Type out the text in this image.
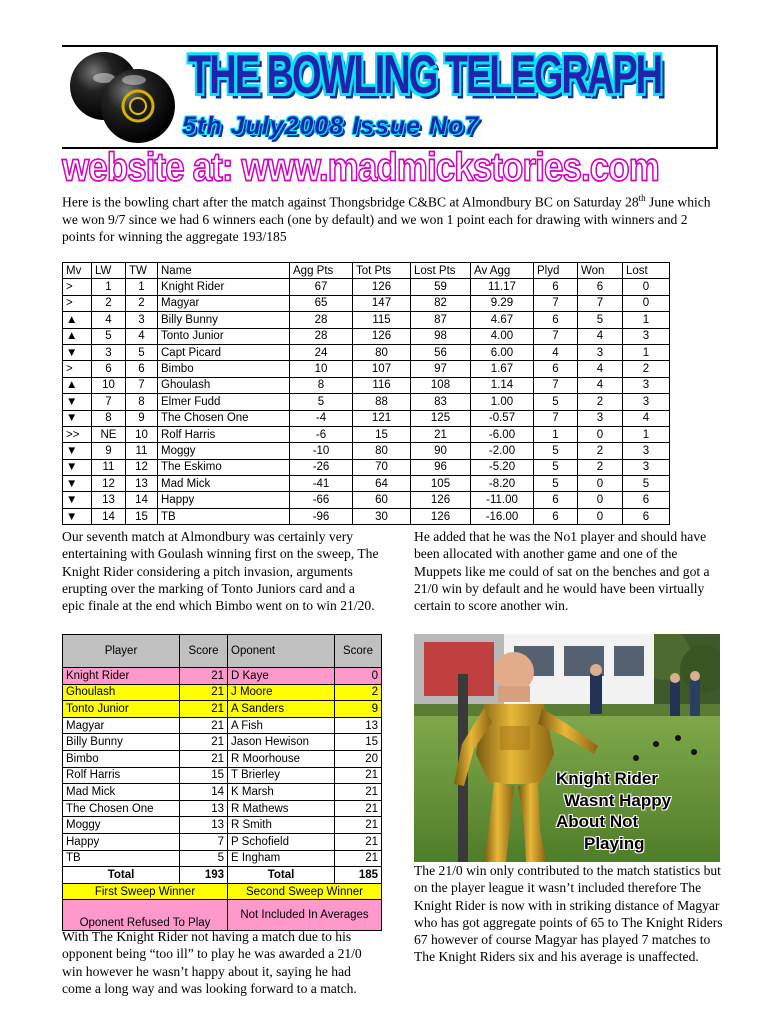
THE BOWLING TELEGRAPH
5th July2008 Issue No7
website at: www.madmickstories.com
Here is the bowling chart after the match against Thongsbridge C&BC at Almondbury BC on Saturday 28th June which we won 9/7 since we had 6 winners each (one by default) and we won 1 point each for drawing with winners and 2 points for winning the aggregate 193/185
Mv	LW	TW	Name	Agg Pts	Tot Pts	Lost Pts	Av Agg	Plyd	Won	Lost
>	1	1	Knight Rider	67	126	59	11.17	6	6	0
>	2	2	Magyar	65	147	82	9.29	7	7	0
▲	4	3	Billy Bunny	28	115	87	4.67	6	5	1
▲	5	4	Tonto Junior	28	126	98	4.00	7	4	3
▼	3	5	Capt Picard	24	80	56	6.00	4	3	1
>	6	6	Bimbo	10	107	97	1.67	6	4	2
▲	10	7	Ghoulash	8	116	108	1.14	7	4	3
▼	7	8	Elmer Fudd	5	88	83	1.00	5	2	3
▼	8	9	The Chosen One	-4	121	125	-0.57	7	3	4
>>	NE	10	Rolf Harris	-6	15	21	-6.00	1	0	1
▼	9	11	Moggy	-10	80	90	-2.00	5	2	3
▼	11	12	The Eskimo	-26	70	96	-5.20	5	2	3
▼	12	13	Mad Mick	-41	64	105	-8.20	5	0	5
▼	13	14	Happy	-66	60	126	-11.00	6	0	6
▼	14	15	TB	-96	30	126	-16.00	6	0	6
Our seventh match at Almondbury was certainly very entertaining with Goulash winning first on the sweep, The Knight Rider considering a pitch invasion, arguments erupting over the marking of Tonto Juniors card and a epic finale at the end which Bimbo went on to win 21/20.
He added that he was the No1 player and should have been allocated with another game and one of the Muppets like me could of sat on the benches and got a 21/0 win by default and he would have been virtually certain to score another win.
Player	Score	Oponent	Score
Knight Rider	21	D Kaye	0
Ghoulash	21	J Moore	2
Tonto Junior	21	A Sanders	9
Magyar	21	A Fish	13
Billy Bunny	21	Jason Hewison	15
Bimbo	21	R Moorhouse	20
Rolf Harris	15	T Brierley	21
Mad Mick	14	K Marsh	21
The Chosen One	13	R Mathews	21
Moggy	13	R Smith	21
Happy	7	P Schofield	21
TB	5	E Ingham	21
Total	193	Total	185
First Sweep Winner		Second Sweep Winner	
Oponent Refused To Play		Not Included In Averages	
Knight Rider
Wasnt Happy
About Not
Playing
With The Knight Rider not having a match due to his opponent being “too ill” to play he was awarded a 21/0 win however he wasn’t happy about it, saying he had come a long way and was looking forward to a match.
The 21/0 win only contributed to the match statistics but on the player league it wasn’t included therefore The Knight Rider is now with in striking distance of Magyar who has got aggregate points of 65 to The Knight Riders 67 however of course Magyar has played 7 matches to The Knight Riders six and his average is unaffected.
